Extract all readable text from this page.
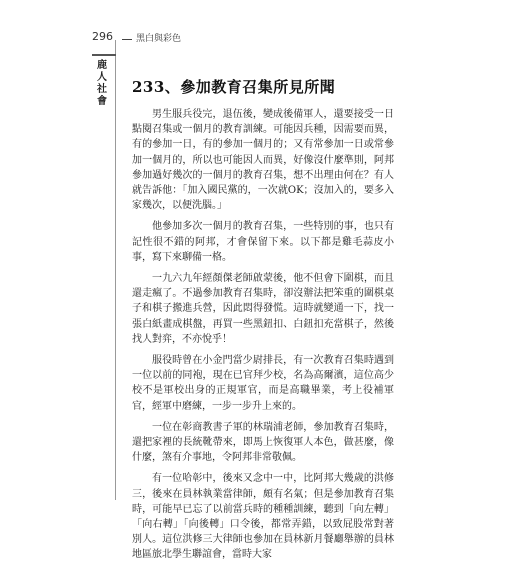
296	黑白與彩色
鹿人社會
233、參加教育召集所見所聞

男生服兵役完，退伍後，變成後備軍人，還要接受一日點閱召集或一個月的教育訓練。可能因兵種，因需要而異，有的參加一日，有的參加一個月的；又有常參加一日或常參加一個月的，所以也可能因人而異，好像沒什麼準則，阿邦參加過好幾次的一個月的教育召集，想不出理由何在？有人就告訴他：「加入國民黨的，一次就OK；沒加入的，要多入家幾次，以便洗腦。」

他參加多次一個月的教育召集，一些特別的事，也只有記性很不錯的阿邦，才會保留下來。以下都是雞毛蒜皮小事，寫下來聊備一格。

一九六九年經顏傑老師啟蒙後，他不但會下圍棋，而且還走瘋了。不過參加教育召集時，卻沒辦法把笨重的圍棋桌子和棋子搬進兵營，因此悶得發慌。這時就變通一下，找一張白紙畫成棋盤，再買一些黑鈕扣、白鈕扣充當棋子，然後找人對弈，不亦悅乎！

服役時曾在小金門當少尉排長，有一次教育召集時遇到一位以前的同袍，現在已官拜少校，名為高爾濱，這位高少校不是軍校出身的正規軍官，而是高職畢業，考上役補軍官，經軍中磨練，一步一步升上來的。

一位在彰商教書子軍的林瑞浦老師，參加教育召集時，還把家裡的長統靴帶來，即馬上恢復軍人本色，做甚麼，像什麼，煞有介事地，令阿邦非常敬佩。

有一位哈彰中，後來又念中一中，比阿邦大幾歲的洪修三，後來在員林執業當律師，頗有名氣；但是參加教育召集時，可能早已忘了以前當兵時的種種訓練，聽到「向左轉」「向右轉」「向後轉」口令後，都常弄錯，以致屁股常對著別人。這位洪修三大律師也參加在員林新月餐廳舉辦的員林地區旅北學生聯誼會，當時大家
